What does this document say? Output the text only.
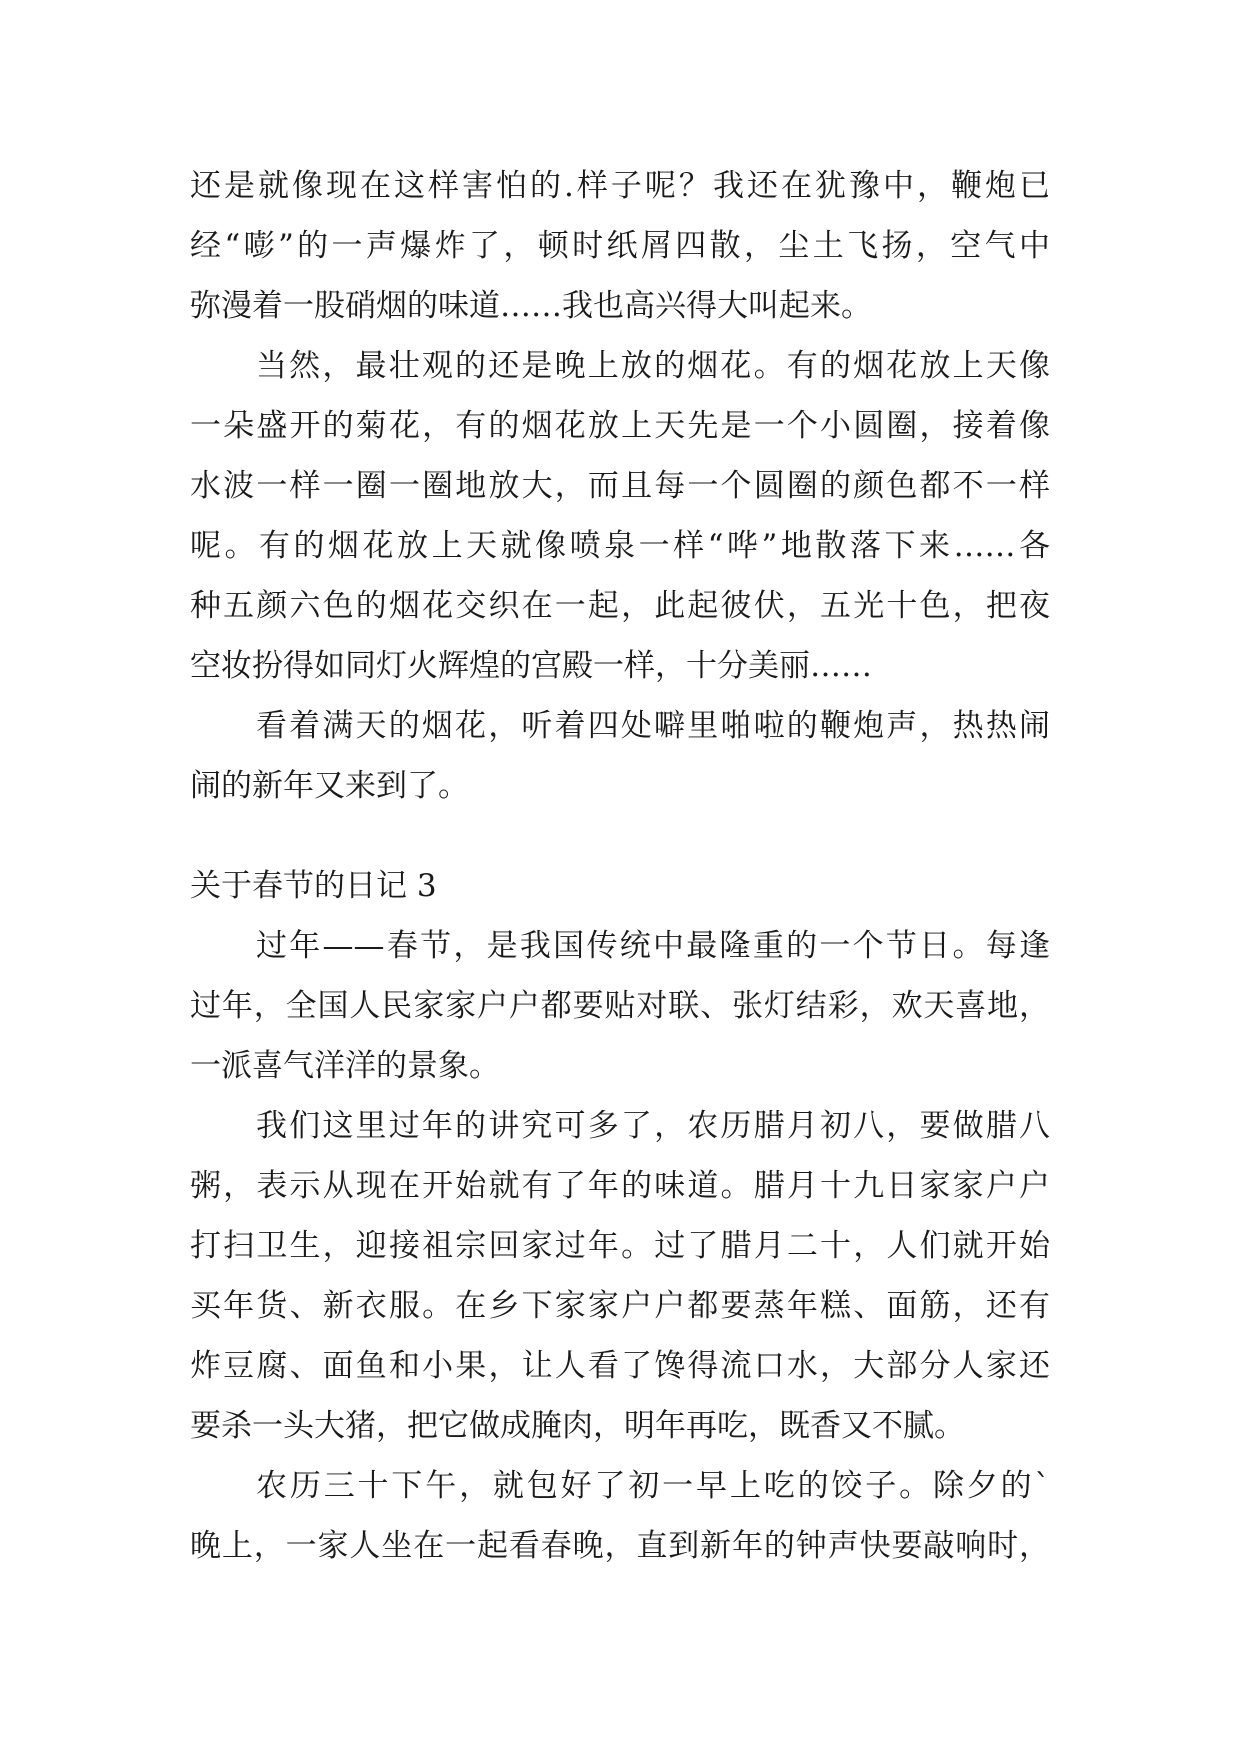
还是就像现在这样害怕的.样子呢？我还在犹豫中，鞭炮已
经“嘭”的一声爆炸了，顿时纸屑四散，尘土飞扬，空气中
弥漫着一股硝烟的味道……我也高兴得大叫起来。
当然，最壮观的还是晚上放的烟花。有的烟花放上天像
一朵盛开的菊花，有的烟花放上天先是一个小圆圈，接着像
水波一样一圈一圈地放大，而且每一个圆圈的颜色都不一样
呢。有的烟花放上天就像喷泉一样“哗”地散落下来……各
种五颜六色的烟花交织在一起，此起彼伏，五光十色，把夜
空妆扮得如同灯火辉煌的宫殿一样，十分美丽……
看着满天的烟花，听着四处噼里啪啦的鞭炮声，热热闹
闹的新年又来到了。
关于春节的日记 3
过年——春节，是我国传统中最隆重的一个节日。每逢
过年，全国人民家家户户都要贴对联、张灯结彩，欢天喜地，
一派喜气洋洋的景象。
我们这里过年的讲究可多了，农历腊月初八，要做腊八
粥，表示从现在开始就有了年的味道。腊月十九日家家户户
打扫卫生，迎接祖宗回家过年。过了腊月二十，人们就开始
买年货、新衣服。在乡下家家户户都要蒸年糕、面筋，还有
炸豆腐、面鱼和小果，让人看了馋得流口水，大部分人家还
要杀一头大猪，把它做成腌肉，明年再吃，既香又不腻。
农历三十下午，就包好了初一早上吃的饺子。除夕的`
晚上，一家人坐在一起看春晚，直到新年的钟声快要敲响时，
